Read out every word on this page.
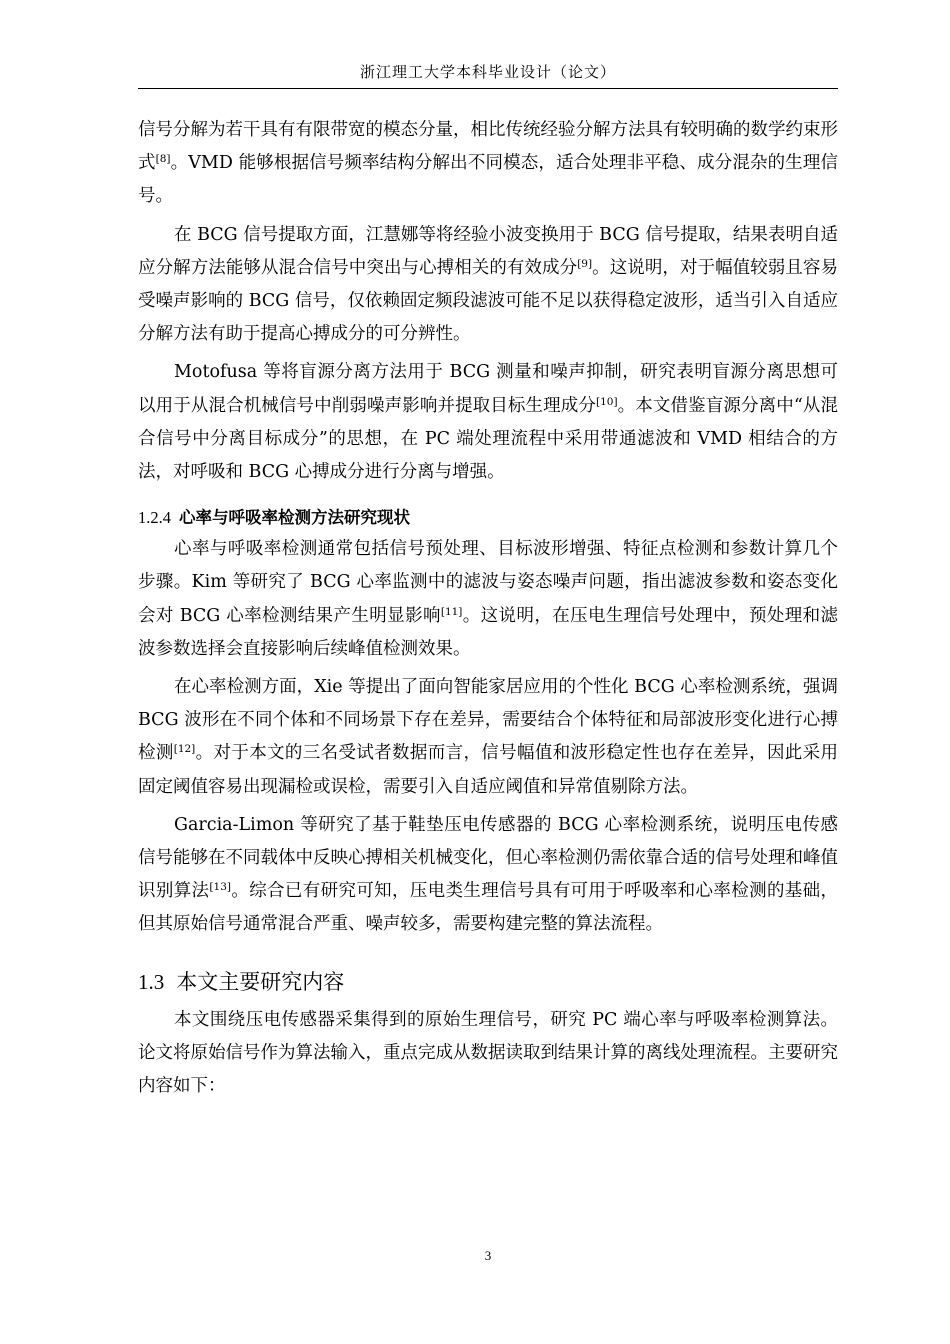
浙江理工大学本科毕业设计（论文）

信号分解为若干具有有限带宽的模态分量，相比传统经验分解方法具有较明确的数学约束形式[8]。VMD 能够根据信号频率结构分解出不同模态，适合处理非平稳、成分混杂的生理信号。

在 BCG 信号提取方面，江慧娜等将经验小波变换用于 BCG 信号提取，结果表明自适应分解方法能够从混合信号中突出与心搏相关的有效成分[9]。这说明，对于幅值较弱且容易受噪声影响的 BCG 信号，仅依赖固定频段滤波可能不足以获得稳定波形，适当引入自适应分解方法有助于提高心搏成分的可分辨性。

Motofusa 等将盲源分离方法用于 BCG 测量和噪声抑制，研究表明盲源分离思想可以用于从混合机械信号中削弱噪声影响并提取目标生理成分[10]。本文借鉴盲源分离中“从混合信号中分离目标成分”的思想，在 PC 端处理流程中采用带通滤波和 VMD 相结合的方法，对呼吸和 BCG 心搏成分进行分离与增强。

1.2.4 心率与呼吸率检测方法研究现状

心率与呼吸率检测通常包括信号预处理、目标波形增强、特征点检测和参数计算几个步骤。Kim 等研究了 BCG 心率监测中的滤波与姿态噪声问题，指出滤波参数和姿态变化会对 BCG 心率检测结果产生明显影响[11]。这说明，在压电生理信号处理中，预处理和滤波参数选择会直接影响后续峰值检测效果。

在心率检测方面，Xie 等提出了面向智能家居应用的个性化 BCG 心率检测系统，强调 BCG 波形在不同个体和不同场景下存在差异，需要结合个体特征和局部波形变化进行心搏检测[12]。对于本文的三名受试者数据而言，信号幅值和波形稳定性也存在差异，因此采用固定阈值容易出现漏检或误检，需要引入自适应阈值和异常值剔除方法。

Garcia-Limon 等研究了基于鞋垫压电传感器的 BCG 心率检测系统，说明压电传感信号能够在不同载体中反映心搏相关机械变化，但心率检测仍需依靠合适的信号处理和峰值识别算法[13]。综合已有研究可知，压电类生理信号具有可用于呼吸率和心率检测的基础，但其原始信号通常混合严重、噪声较多，需要构建完整的算法流程。

1.3 本文主要研究内容

本文围绕压电传感器采集得到的原始生理信号，研究 PC 端心率与呼吸率检测算法。论文将原始信号作为算法输入，重点完成从数据读取到结果计算的离线处理流程。主要研究内容如下：

3
